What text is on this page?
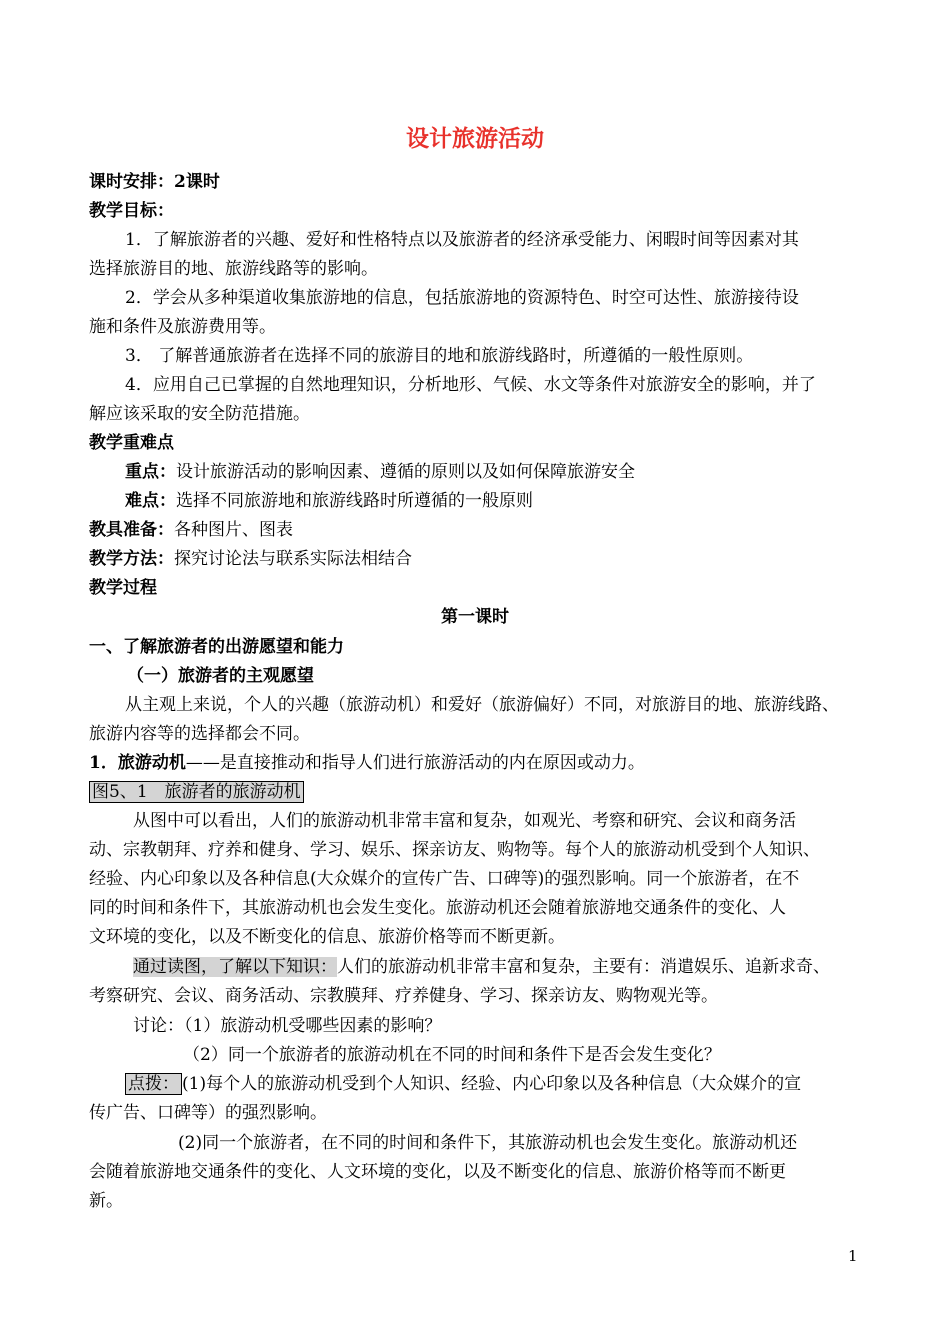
设计旅游活动
课时安排：2课时
教学目标：
1．了解旅游者的兴趣、爱好和性格特点以及旅游者的经济承受能力、闲暇时间等因素对其
选择旅游目的地、旅游线路等的影响。
2．学会从多种渠道收集旅游地的信息，包括旅游地的资源特色、时空可达性、旅游接待设
施和条件及旅游费用等。
3． 了解普通旅游者在选择不同的旅游目的地和旅游线路时，所遵循的一般性原则。
4．应用自己已掌握的自然地理知识，分析地形、气候、水文等条件对旅游安全的影响，并了
解应该采取的安全防范措施。
教学重难点
重点：设计旅游活动的影响因素、遵循的原则以及如何保障旅游安全
难点：选择不同旅游地和旅游线路时所遵循的一般原则
教具准备：各种图片、图表
教学方法：探究讨论法与联系实际法相结合
教学过程
第一课时
一、了解旅游者的出游愿望和能力
（一）旅游者的主观愿望
从主观上来说，个人的兴趣（旅游动机）和爱好（旅游偏好）不同，对旅游目的地、旅游线路、
旅游内容等的选择都会不同。
1．旅游动机——是直接推动和指导人们进行旅游活动的内在原因或动力。
图5、1　旅游者的旅游动机
从图中可以看出，人们的旅游动机非常丰富和复杂，如观光、考察和研究、会议和商务活
动、宗教朝拜、疗养和健身、学习、娱乐、探亲访友、购物等。每个人的旅游动机受到个人知识、
经验、内心印象以及各种信息(大众媒介的宣传广告、口碑等)的强烈影响。同一个旅游者，在不
同的时间和条件下，其旅游动机也会发生变化。旅游动机还会随着旅游地交通条件的变化、人
文环境的变化，以及不断变化的信息、旅游价格等而不断更新。
通过读图，了解以下知识：人们的旅游动机非常丰富和复杂，主要有：消遣娱乐、追新求奇、
考察研究、会议、商务活动、宗教膜拜、疗养健身、学习、探亲访友、购物观光等。
讨论：（1）旅游动机受哪些因素的影响？
（2）同一个旅游者的旅游动机在不同的时间和条件下是否会发生变化？
点拨： (1)每个人的旅游动机受到个人知识、经验、内心印象以及各种信息（大众媒介的宣
传广告、口碑等）的强烈影响。
(2)同一个旅游者，在不同的时间和条件下，其旅游动机也会发生变化。旅游动机还
会随着旅游地交通条件的变化、人文环境的变化，以及不断变化的信息、旅游价格等而不断更
新。
1
